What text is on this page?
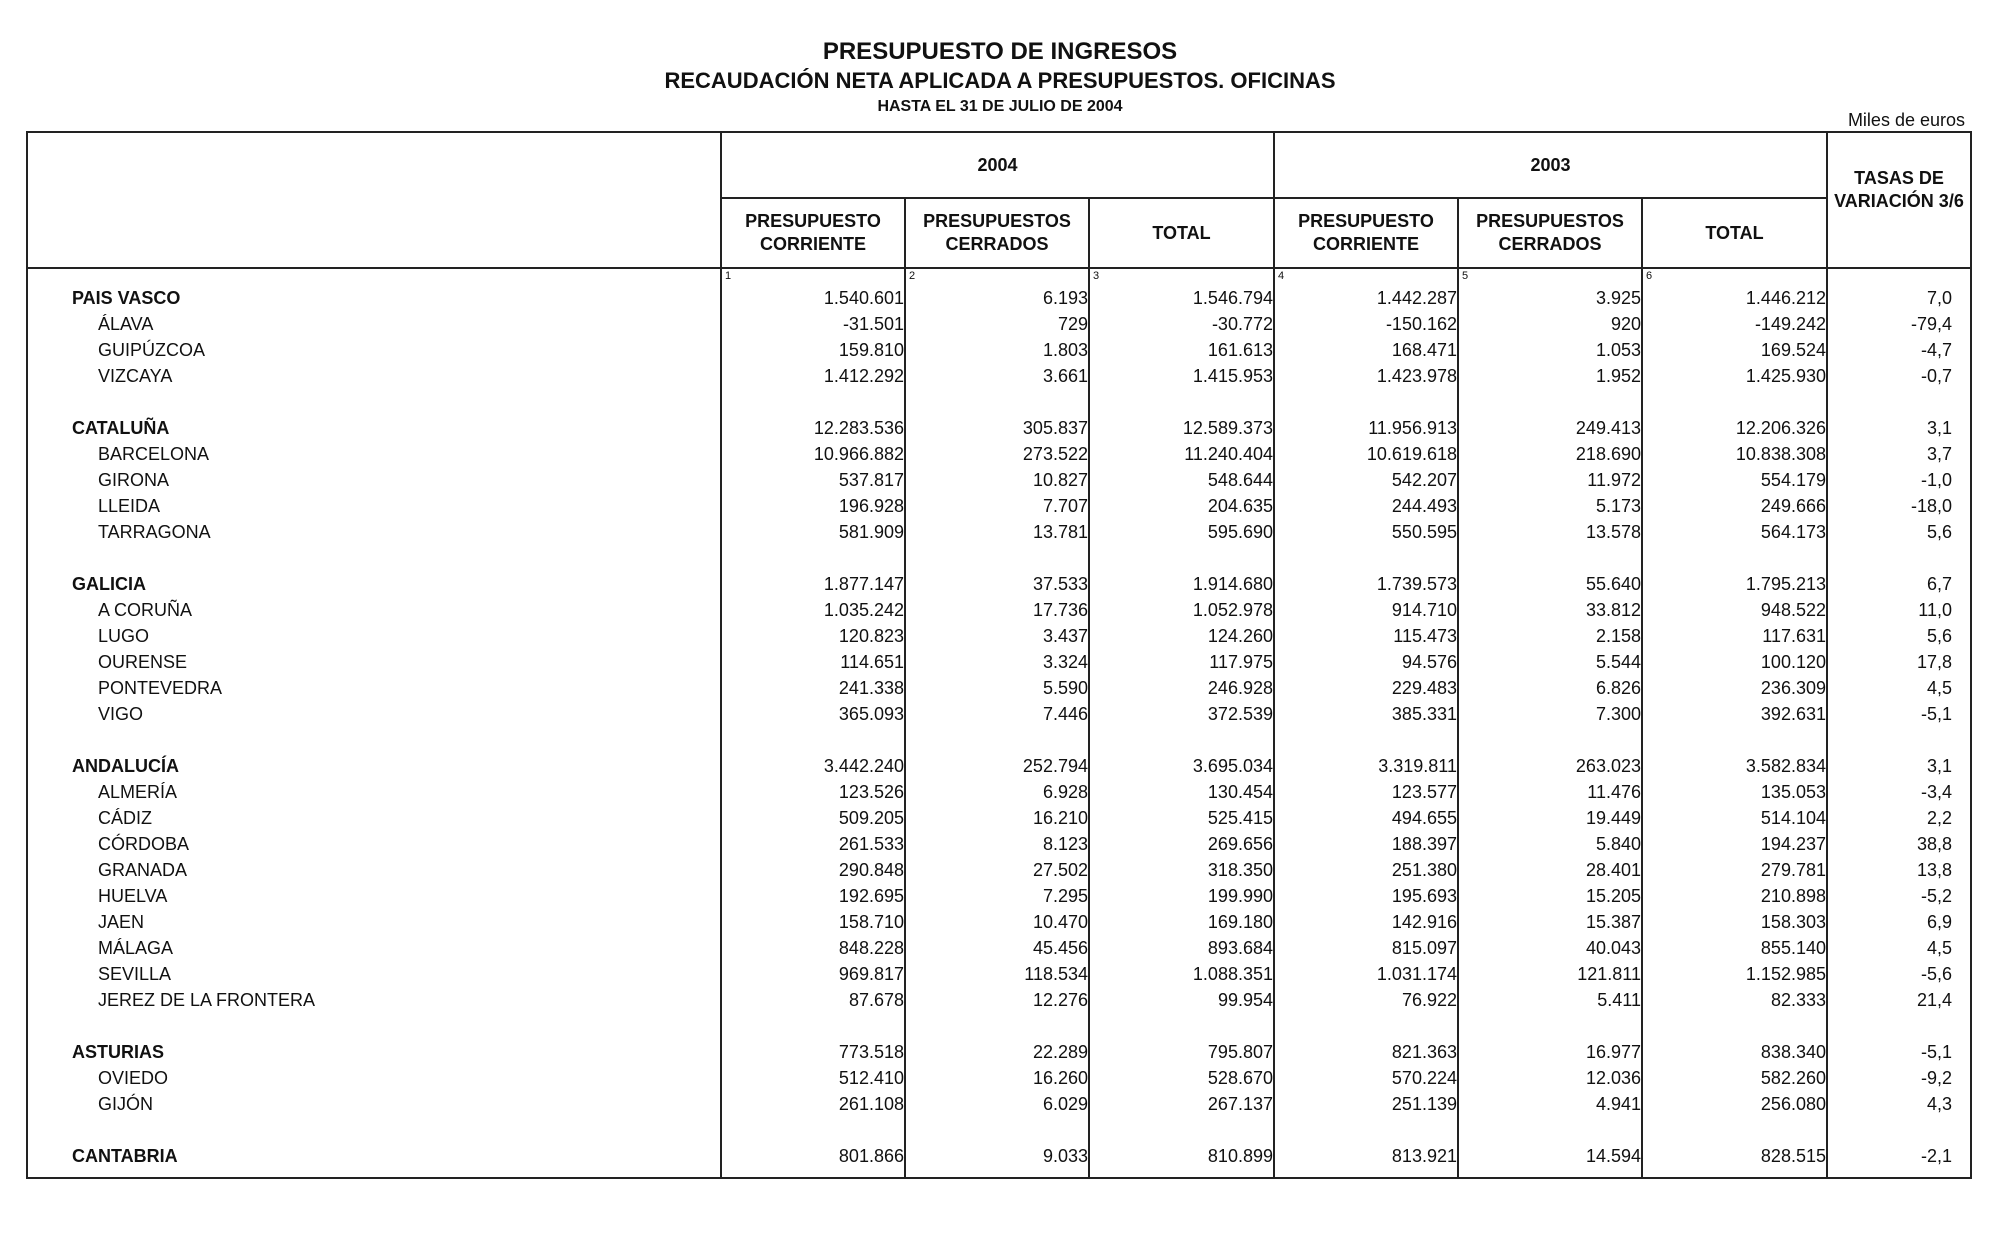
PRESUPUESTO DE INGRESOS
RECAUDACIÓN NETA APLICADA A PRESUPUESTOS. OFICINAS
HASTA EL 31 DE JULIO DE 2004
Miles de euros
	2004			2003			TASAS DE VARIACIÓN 3/6
	PRESUPUESTO CORRIENTE	PRESUPUESTOS CERRADOS	TOTAL	PRESUPUESTO CORRIENTE	PRESUPUESTOS CERRADOS	TOTAL	
	1	2	3	4	5	6	
PAIS VASCO	1.540.601	6.193	1.546.794	1.442.287	3.925	1.446.212	7,0
ÁLAVA	-31.501	729	-30.772	-150.162	920	-149.242	-79,4
GUIPÚZCOA	159.810	1.803	161.613	168.471	1.053	169.524	-4,7
VIZCAYA	1.412.292	3.661	1.415.953	1.423.978	1.952	1.425.930	-0,7

CATALUÑA	12.283.536	305.837	12.589.373	11.956.913	249.413	12.206.326	3,1
BARCELONA	10.966.882	273.522	11.240.404	10.619.618	218.690	10.838.308	3,7
GIRONA	537.817	10.827	548.644	542.207	11.972	554.179	-1,0
LLEIDA	196.928	7.707	204.635	244.493	5.173	249.666	-18,0
TARRAGONA	581.909	13.781	595.690	550.595	13.578	564.173	5,6

GALICIA	1.877.147	37.533	1.914.680	1.739.573	55.640	1.795.213	6,7
A CORUÑA	1.035.242	17.736	1.052.978	914.710	33.812	948.522	11,0
LUGO	120.823	3.437	124.260	115.473	2.158	117.631	5,6
OURENSE	114.651	3.324	117.975	94.576	5.544	100.120	17,8
PONTEVEDRA	241.338	5.590	246.928	229.483	6.826	236.309	4,5
VIGO	365.093	7.446	372.539	385.331	7.300	392.631	-5,1

ANDALUCÍA	3.442.240	252.794	3.695.034	3.319.811	263.023	3.582.834	3,1
ALMERÍA	123.526	6.928	130.454	123.577	11.476	135.053	-3,4
CÁDIZ	509.205	16.210	525.415	494.655	19.449	514.104	2,2
CÓRDOBA	261.533	8.123	269.656	188.397	5.840	194.237	38,8
GRANADA	290.848	27.502	318.350	251.380	28.401	279.781	13,8
HUELVA	192.695	7.295	199.990	195.693	15.205	210.898	-5,2
JAEN	158.710	10.470	169.180	142.916	15.387	158.303	6,9
MÁLAGA	848.228	45.456	893.684	815.097	40.043	855.140	4,5
SEVILLA	969.817	118.534	1.088.351	1.031.174	121.811	1.152.985	-5,6
JEREZ DE LA FRONTERA	87.678	12.276	99.954	76.922	5.411	82.333	21,4

ASTURIAS	773.518	22.289	795.807	821.363	16.977	838.340	-5,1
OVIEDO	512.410	16.260	528.670	570.224	12.036	582.260	-9,2
GIJÓN	261.108	6.029	267.137	251.139	4.941	256.080	4,3

CANTABRIA	801.866	9.033	810.899	813.921	14.594	828.515	-2,1
